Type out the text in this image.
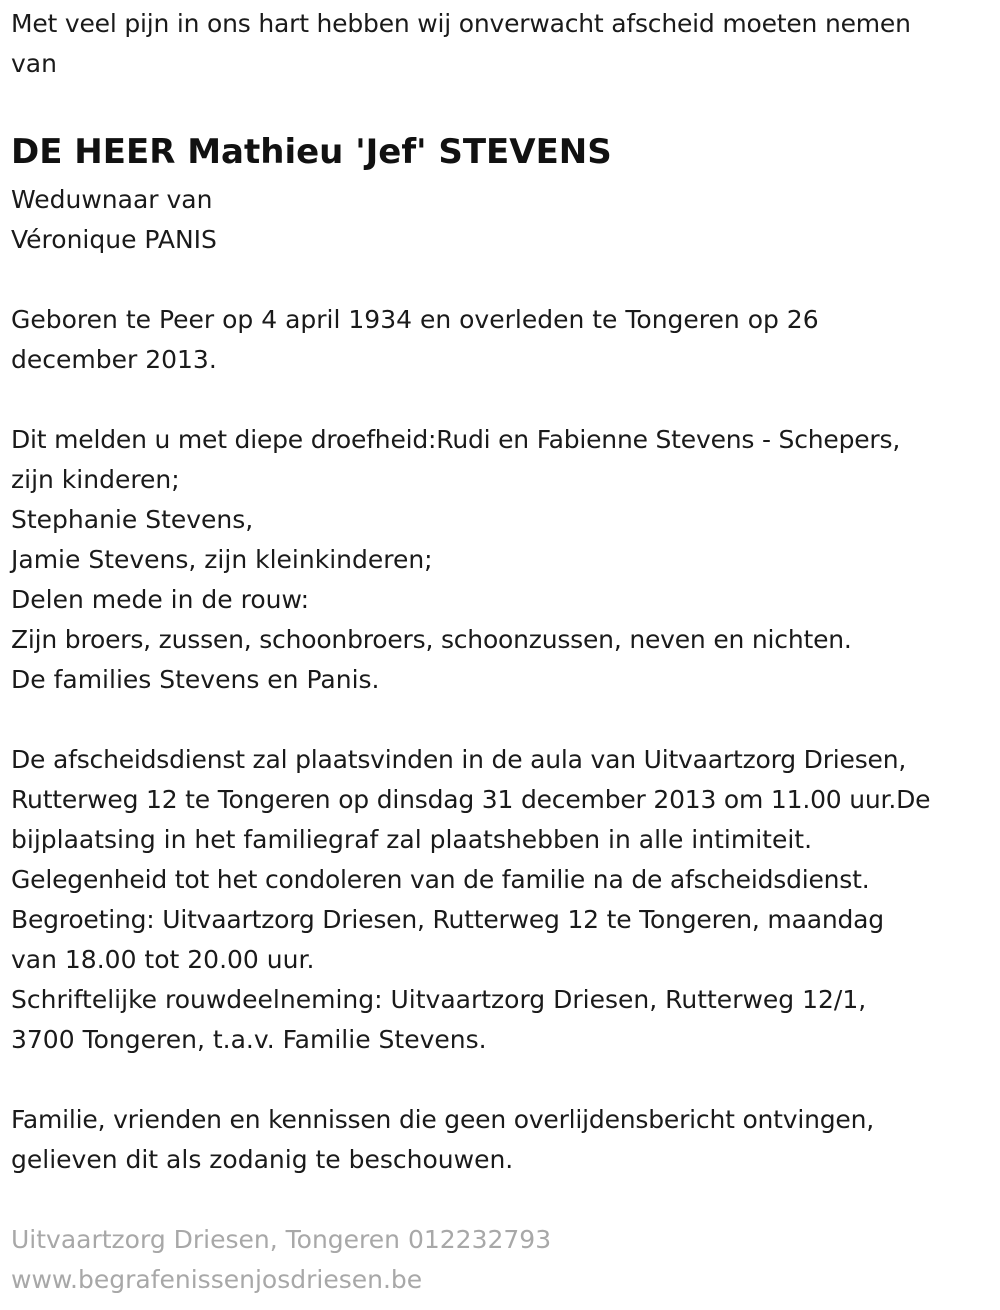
Met veel pijn in ons hart hebben wij onverwacht afscheid moeten nemen
van
DE HEER Mathieu 'Jef' STEVENS
Weduwnaar van
Véronique PANIS
Geboren te Peer op 4 april 1934 en overleden te Tongeren op 26
december 2013.
Dit melden u met diepe droefheid:Rudi en Fabienne Stevens - Schepers,
zijn kinderen;
Stephanie Stevens,
Jamie Stevens, zijn kleinkinderen;
Delen mede in de rouw:
Zijn broers, zussen, schoonbroers, schoonzussen, neven en nichten.
De families Stevens en Panis.
De afscheidsdienst zal plaatsvinden in de aula van Uitvaartzorg Driesen,
Rutterweg 12 te Tongeren op dinsdag 31 december 2013 om 11.00 uur.De
bijplaatsing in het familiegraf zal plaatshebben in alle intimiteit.
Gelegenheid tot het condoleren van de familie na de afscheidsdienst.
Begroeting: Uitvaartzorg Driesen, Rutterweg 12 te Tongeren, maandag
van 18.00 tot 20.00 uur.
Schriftelijke rouwdeelneming: Uitvaartzorg Driesen, Rutterweg 12/1,
3700 Tongeren, t.a.v. Familie Stevens.
Familie, vrienden en kennissen die geen overlijdensbericht ontvingen,
gelieven dit als zodanig te beschouwen.
Uitvaartzorg Driesen, Tongeren 012232793
www.begrafenissenjosdriesen.be
